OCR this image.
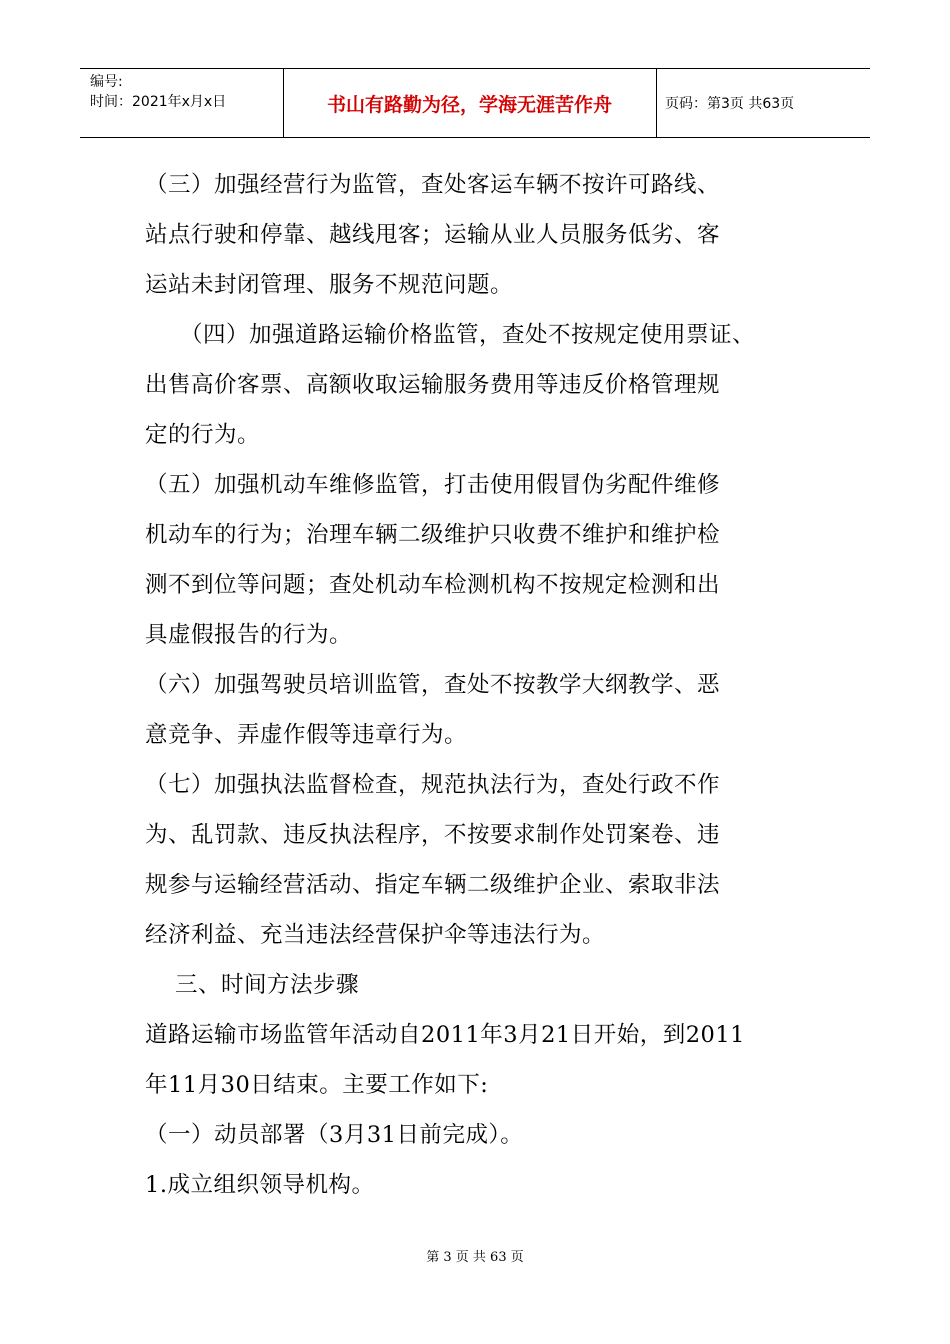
编号:
时间：2021年x月x日	书山有路勤为径，学海无涯苦作舟	页码：第3页 共63页
（三）加强经营行为监管，查处客运车辆不按许可路线、
站点行驶和停靠、越线甩客；运输从业人员服务低劣、客
运站未封闭管理、服务不规范问题。
（四）加强道路运输价格监管，查处不按规定使用票证、
出售高价客票、高额收取运输服务费用等违反价格管理规
定的行为。
（五）加强机动车维修监管，打击使用假冒伪劣配件维修
机动车的行为；治理车辆二级维护只收费不维护和维护检
测不到位等问题；查处机动车检测机构不按规定检测和出
具虚假报告的行为。
（六）加强驾驶员培训监管，查处不按教学大纲教学、恶
意竞争、弄虚作假等违章行为。
（七）加强执法监督检查，规范执法行为，查处行政不作
为、乱罚款、违反执法程序，不按要求制作处罚案卷、违
规参与运输经营活动、指定车辆二级维护企业、索取非法
经济利益、充当违法经营保护伞等违法行为。
三、时间方法步骤
道路运输市场监管年活动自2011年3月21日开始，到2011
年11月30日结束。主要工作如下:
（一）动员部署（3月31日前完成）。
1.成立组织领导机构。
第 3 页 共 63 页
